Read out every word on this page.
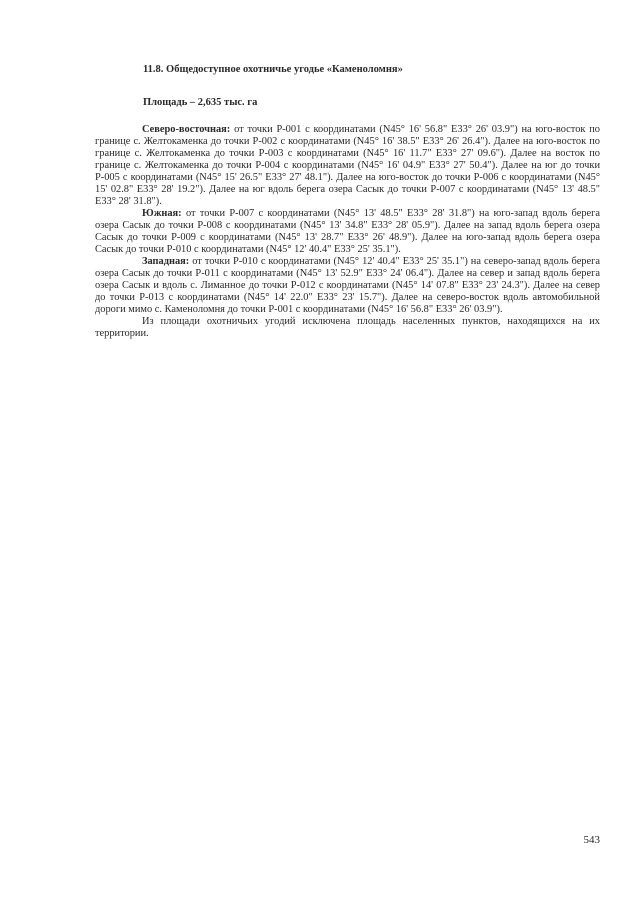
11.8. Общедоступное охотничье угодье «Каменоломня»
Площадь – 2,635 тыс. га

Северо-восточная: от точки Р-001 с координатами (N45° 16' 56.8" E33° 26' 03.9") на юго-восток по границе с. Желтокаменка до точки Р-002 с координатами (N45° 16' 38.5" E33° 26' 26.4"). Далее на юго-восток по границе с. Желтокаменка до точки Р-003 с координатами (N45° 16' 11.7" E33° 27' 09.6"). Далее на восток по границе с. Желтокаменка до точки Р-004 с координатами (N45° 16' 04.9" E33° 27' 50.4"). Далее на юг до точки Р-005 с координатами (N45° 15' 26.5" E33° 27' 48.1"). Далее на юго-восток до точки Р-006 с координатами (N45° 15' 02.8" E33° 28' 19.2"). Далее на юг вдоль берега озера Сасык до точки Р-007 с координатами (N45° 13' 48.5" E33° 28' 31.8").

Южная: от точки Р-007 с координатами (N45° 13' 48.5" E33° 28' 31.8") на юго-запад вдоль берега озера Сасык до точки Р-008 с координатами (N45° 13' 34.8" E33° 28' 05.9"). Далее на запад вдоль берега озера Сасык до точки Р-009 с координатами (N45° 13' 28.7" E33° 26' 48.9"). Далее на юго-запад вдоль берега озера Сасык до точки Р-010 с координатами (N45° 12' 40.4" E33° 25' 35.1").

Западная: от точки Р-010 с координатами (N45° 12' 40.4" E33° 25' 35.1") на северо-запад вдоль берега озера Сасык до точки Р-011 с координатами (N45° 13' 52.9" E33° 24' 06.4"). Далее на север и запад вдоль берега озера Сасык и вдоль с. Лиманное до точки Р-012 с координатами (N45° 14' 07.8" E33° 23' 24.3"). Далее на север до точки Р-013 с координатами (N45° 14' 22.0" E33° 23' 15.7"). Далее на северо-восток вдоль автомобильной дороги мимо с. Каменоломня до точки Р-001 с координатами (N45° 16' 56.8" E33° 26' 03.9").

Из площади охотничьих угодий исключена площадь населенных пунктов, находящихся на их территории.

543
